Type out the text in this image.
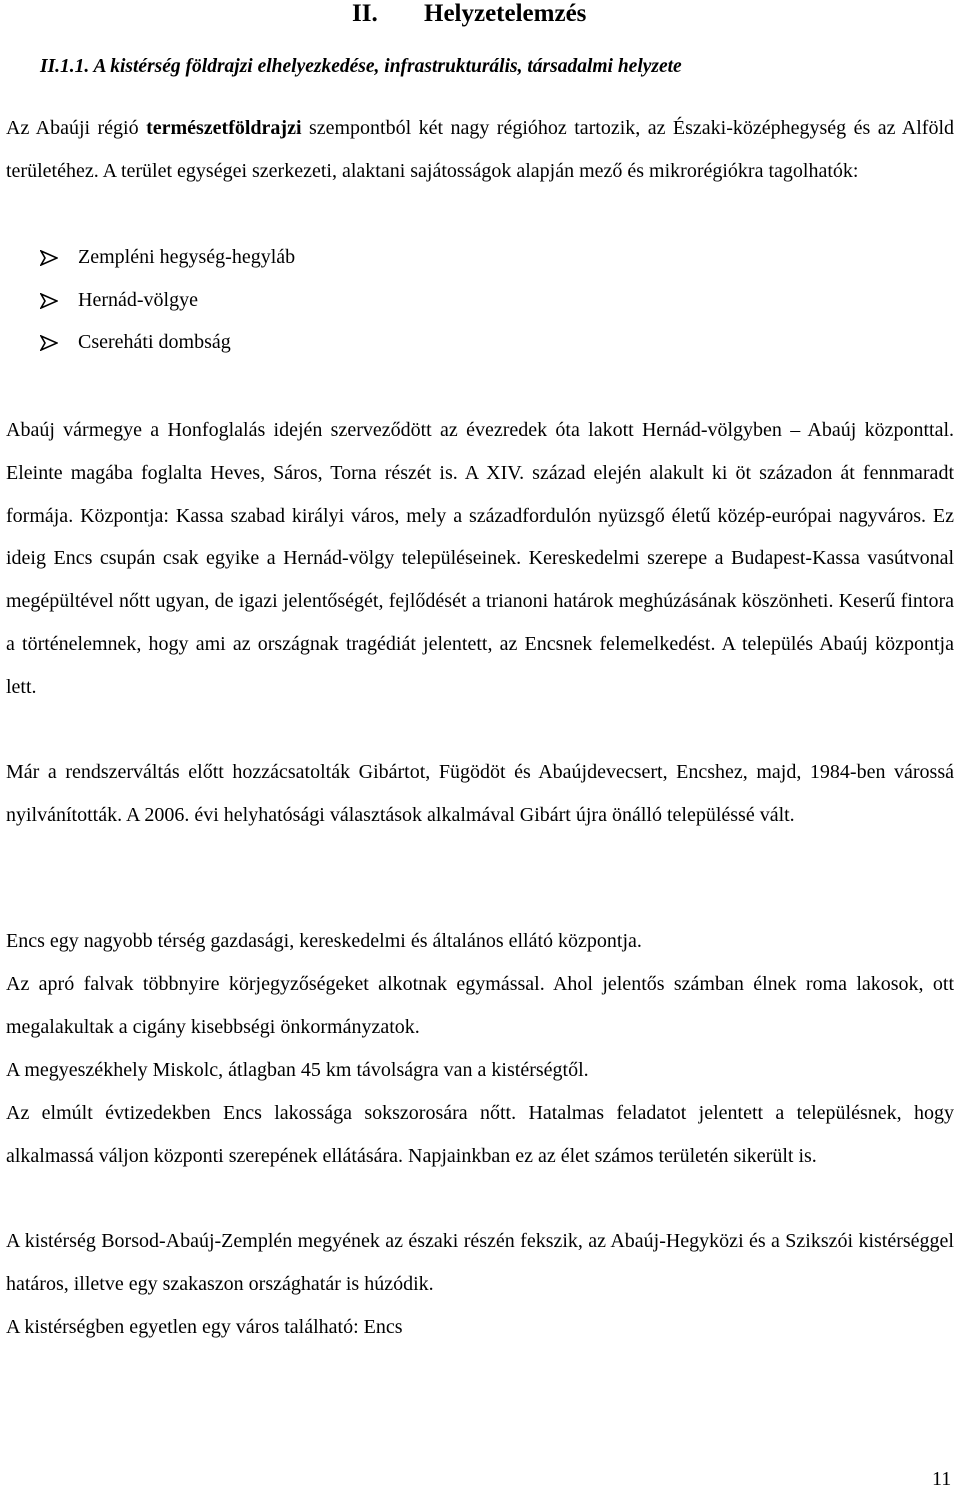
II. Helyzetelemzés
II.1.1. A kistérség földrajzi elhelyezkedése, infrastrukturális, társadalmi helyzete

Az Abaúji régió természetföldrajzi szempontból két nagy régióhoz tartozik, az Északi-középhegység és az Alföld területéhez. A terület egységei szerkezeti, alaktani sajátosságok alapján mező és mikrorégiókra tagolhatók:

Zempléni hegység-hegyláb
Hernád-völgye
Csereháti dombság

Abaúj vármegye a Honfoglalás idején szerveződött az évezredek óta lakott Hernád-völgyben – Abaúj központtal. Eleinte magába foglalta Heves, Sáros, Torna részét is. A XIV. század elején alakult ki öt századon át fennmaradt formája. Központja: Kassa szabad királyi város, mely a századfordulón nyüzsgő életű közép-európai nagyváros. Ez ideig Encs csupán csak egyike a Hernád-völgy településeinek. Kereskedelmi szerepe a Budapest-Kassa vasútvonal megépültével nőtt ugyan, de igazi jelentőségét, fejlődését a trianoni határok meghúzásának köszönheti. Keserű fintora a történelemnek, hogy ami az országnak tragédiát jelentett, az Encsnek felemelkedést. A település Abaúj központja lett.

Már a rendszerváltás előtt hozzácsatolták Gibártot, Fügödöt és Abaújdevecsert, Encshez, majd, 1984-ben várossá nyilvánították. A 2006. évi helyhatósági választások alkalmával Gibárt újra önálló településsé vált.

Encs egy nagyobb térség gazdasági, kereskedelmi és általános ellátó központja.

Az apró falvak többnyire körjegyzőségeket alkotnak egymással. Ahol jelentős számban élnek roma lakosok, ott megalakultak a cigány kisebbségi önkormányzatok.

A megyeszékhely Miskolc, átlagban 45 km távolságra van a kistérségtől.

Az elmúlt évtizedekben Encs lakossága sokszorosára nőtt. Hatalmas feladatot jelentett a településnek, hogy alkalmassá váljon központi szerepének ellátására. Napjainkban ez az élet számos területén sikerült is.

A kistérség Borsod-Abaúj-Zemplén megyének az északi részén fekszik, az Abaúj-Hegyközi és a Szikszói kistérséggel határos, illetve egy szakaszon országhatár is húzódik.

A kistérségben egyetlen egy város található: Encs

11
